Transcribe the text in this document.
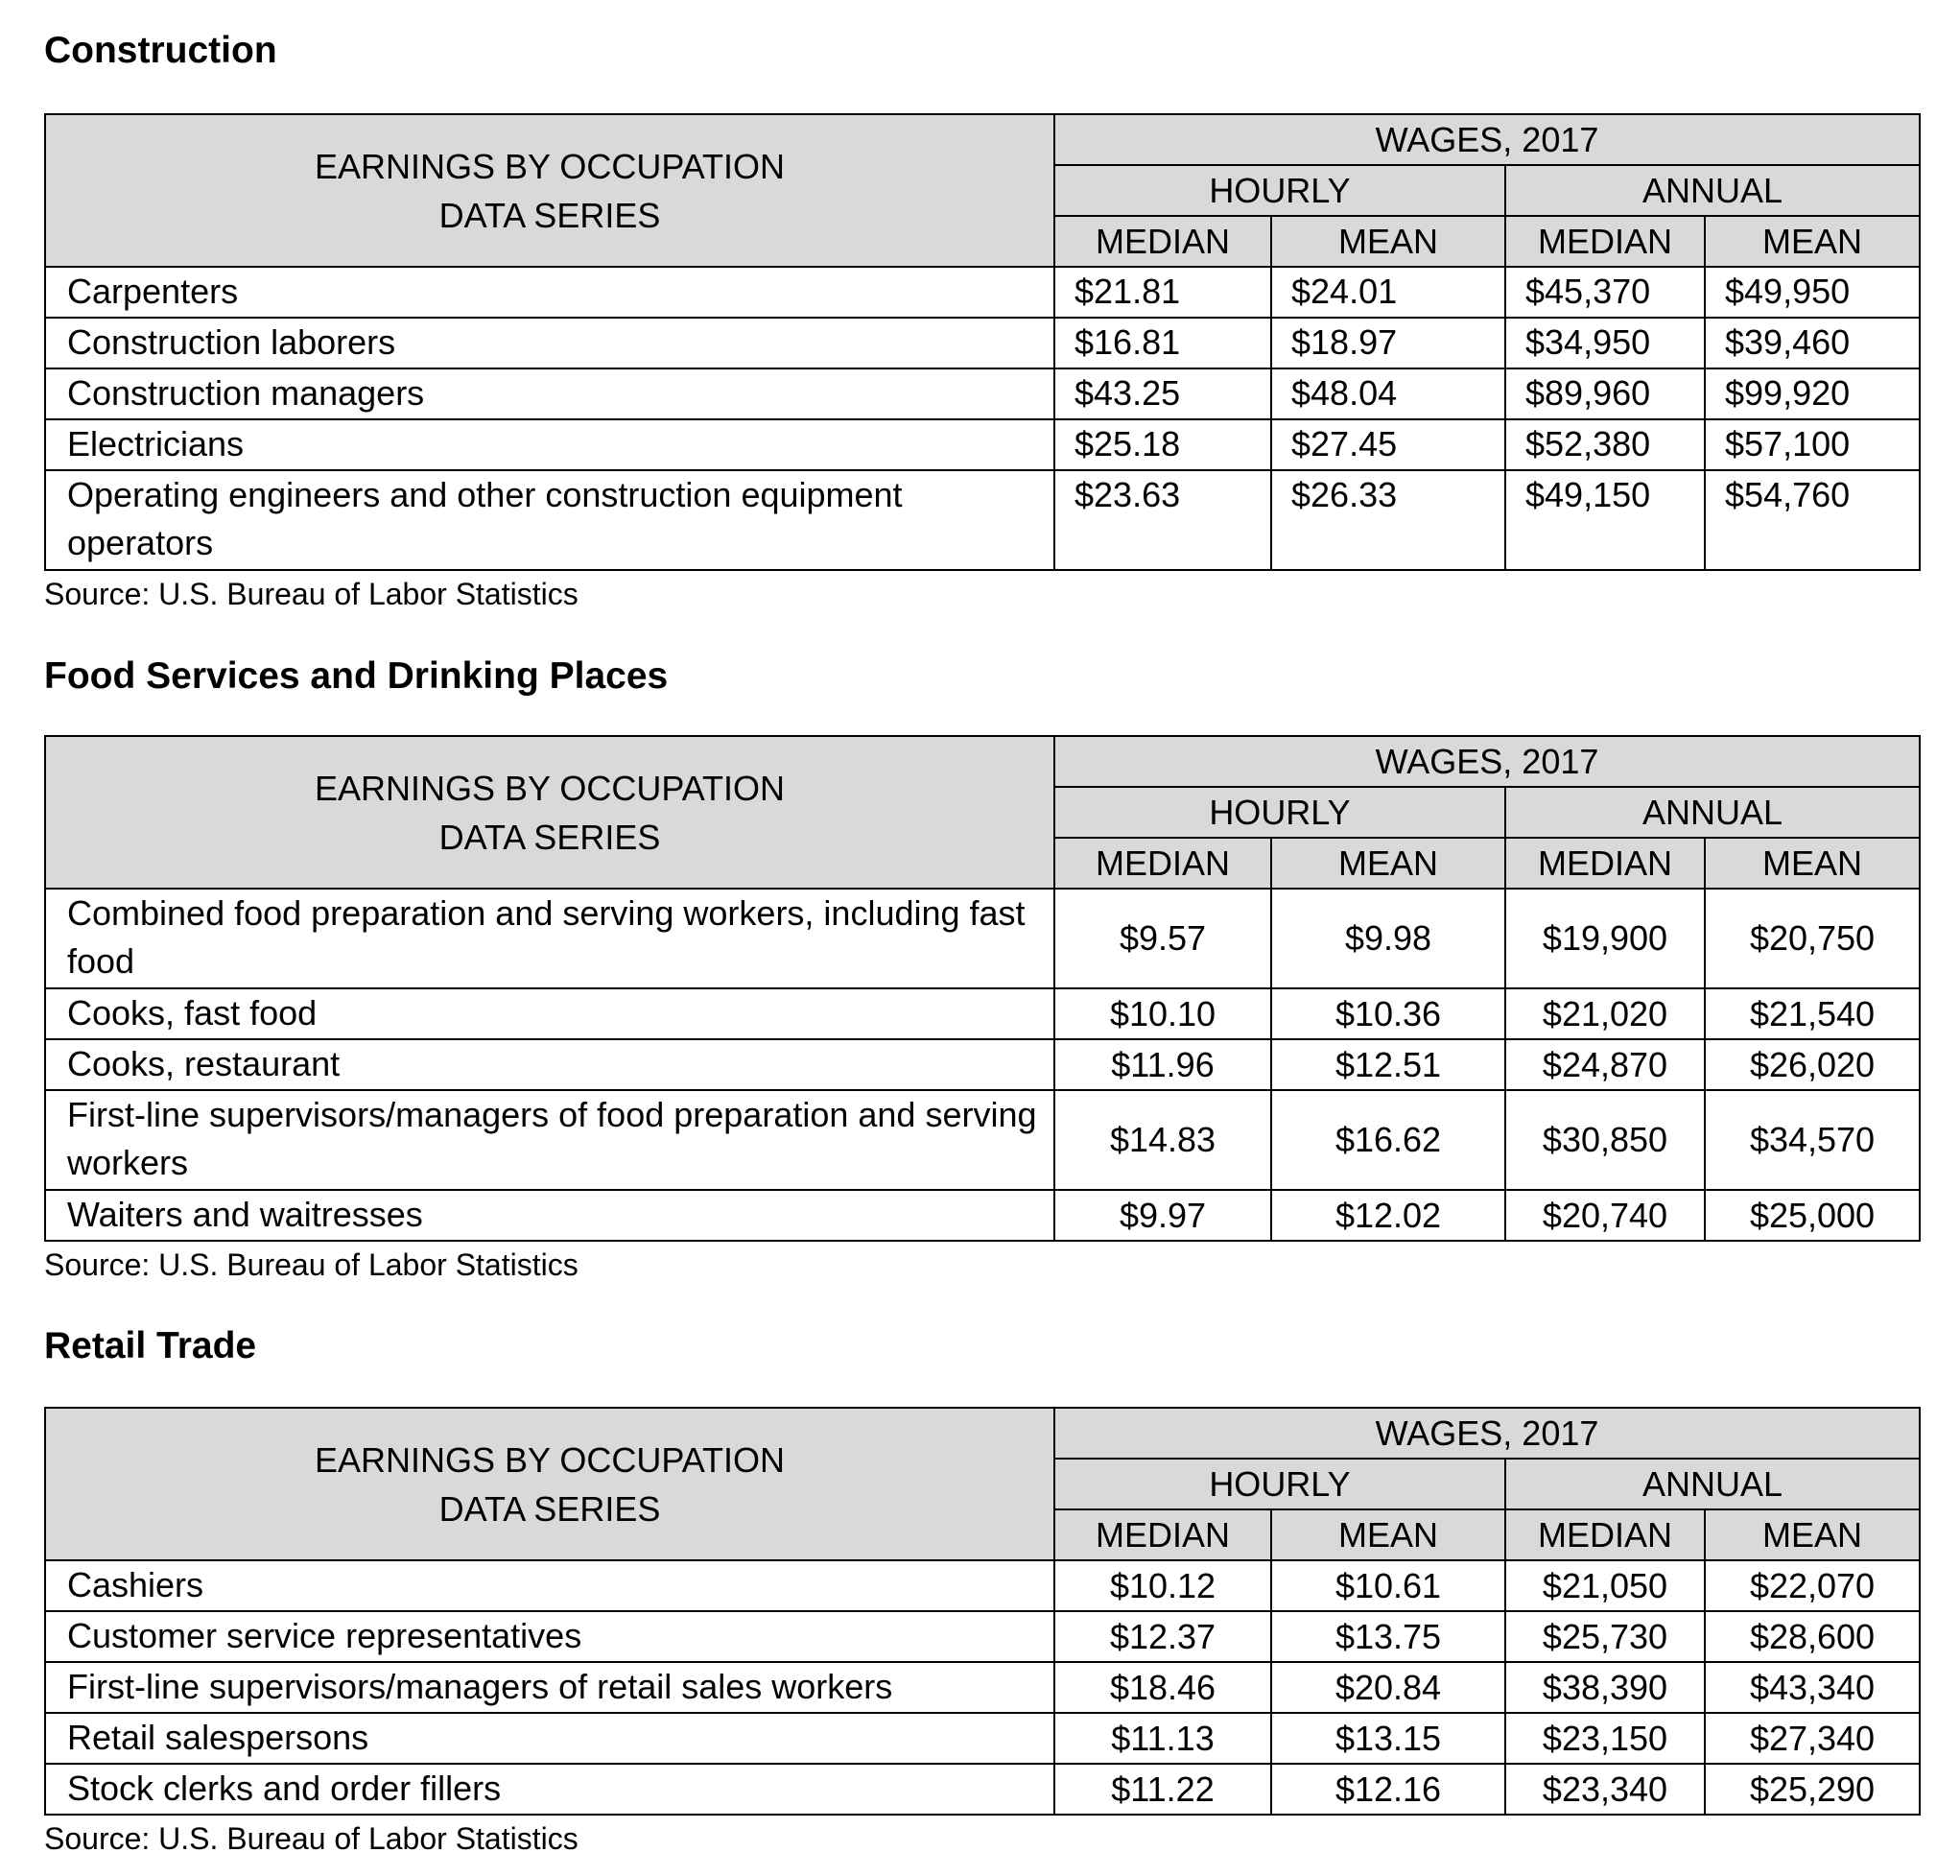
Construction
EARNINGS BY OCCUPATION
DATA SERIES	WAGES, 2017			
	HOURLY		ANNUAL	
	MEDIAN	MEAN	MEDIAN	MEAN
Carpenters	$21.81	$24.01	$45,370	$49,950
Construction laborers	$16.81	$18.97	$34,950	$39,460
Construction managers	$43.25	$48.04	$89,960	$99,920
Electricians	$25.18	$27.45	$52,380	$57,100
Operating engineers and other construction equipment operators	$23.63	$26.33	$49,150	$54,760
Source: U.S. Bureau of Labor Statistics
Food Services and Drinking Places
EARNINGS BY OCCUPATION
DATA SERIES	WAGES, 2017			
	HOURLY		ANNUAL	
	MEDIAN	MEAN	MEDIAN	MEAN
Combined food preparation and serving workers, including fast food	$9.57	$9.98	$19,900	$20,750
Cooks, fast food	$10.10	$10.36	$21,020	$21,540
Cooks, restaurant	$11.96	$12.51	$24,870	$26,020
First-line supervisors/managers of food preparation and serving workers	$14.83	$16.62	$30,850	$34,570
Waiters and waitresses	$9.97	$12.02	$20,740	$25,000
Source: U.S. Bureau of Labor Statistics
Retail Trade
EARNINGS BY OCCUPATION
DATA SERIES	WAGES, 2017			
	HOURLY		ANNUAL	
	MEDIAN	MEAN	MEDIAN	MEAN
Cashiers	$10.12	$10.61	$21,050	$22,070
Customer service representatives	$12.37	$13.75	$25,730	$28,600
First-line supervisors/managers of retail sales workers	$18.46	$20.84	$38,390	$43,340
Retail salespersons	$11.13	$13.15	$23,150	$27,340
Stock clerks and order fillers	$11.22	$12.16	$23,340	$25,290
Source: U.S. Bureau of Labor Statistics
